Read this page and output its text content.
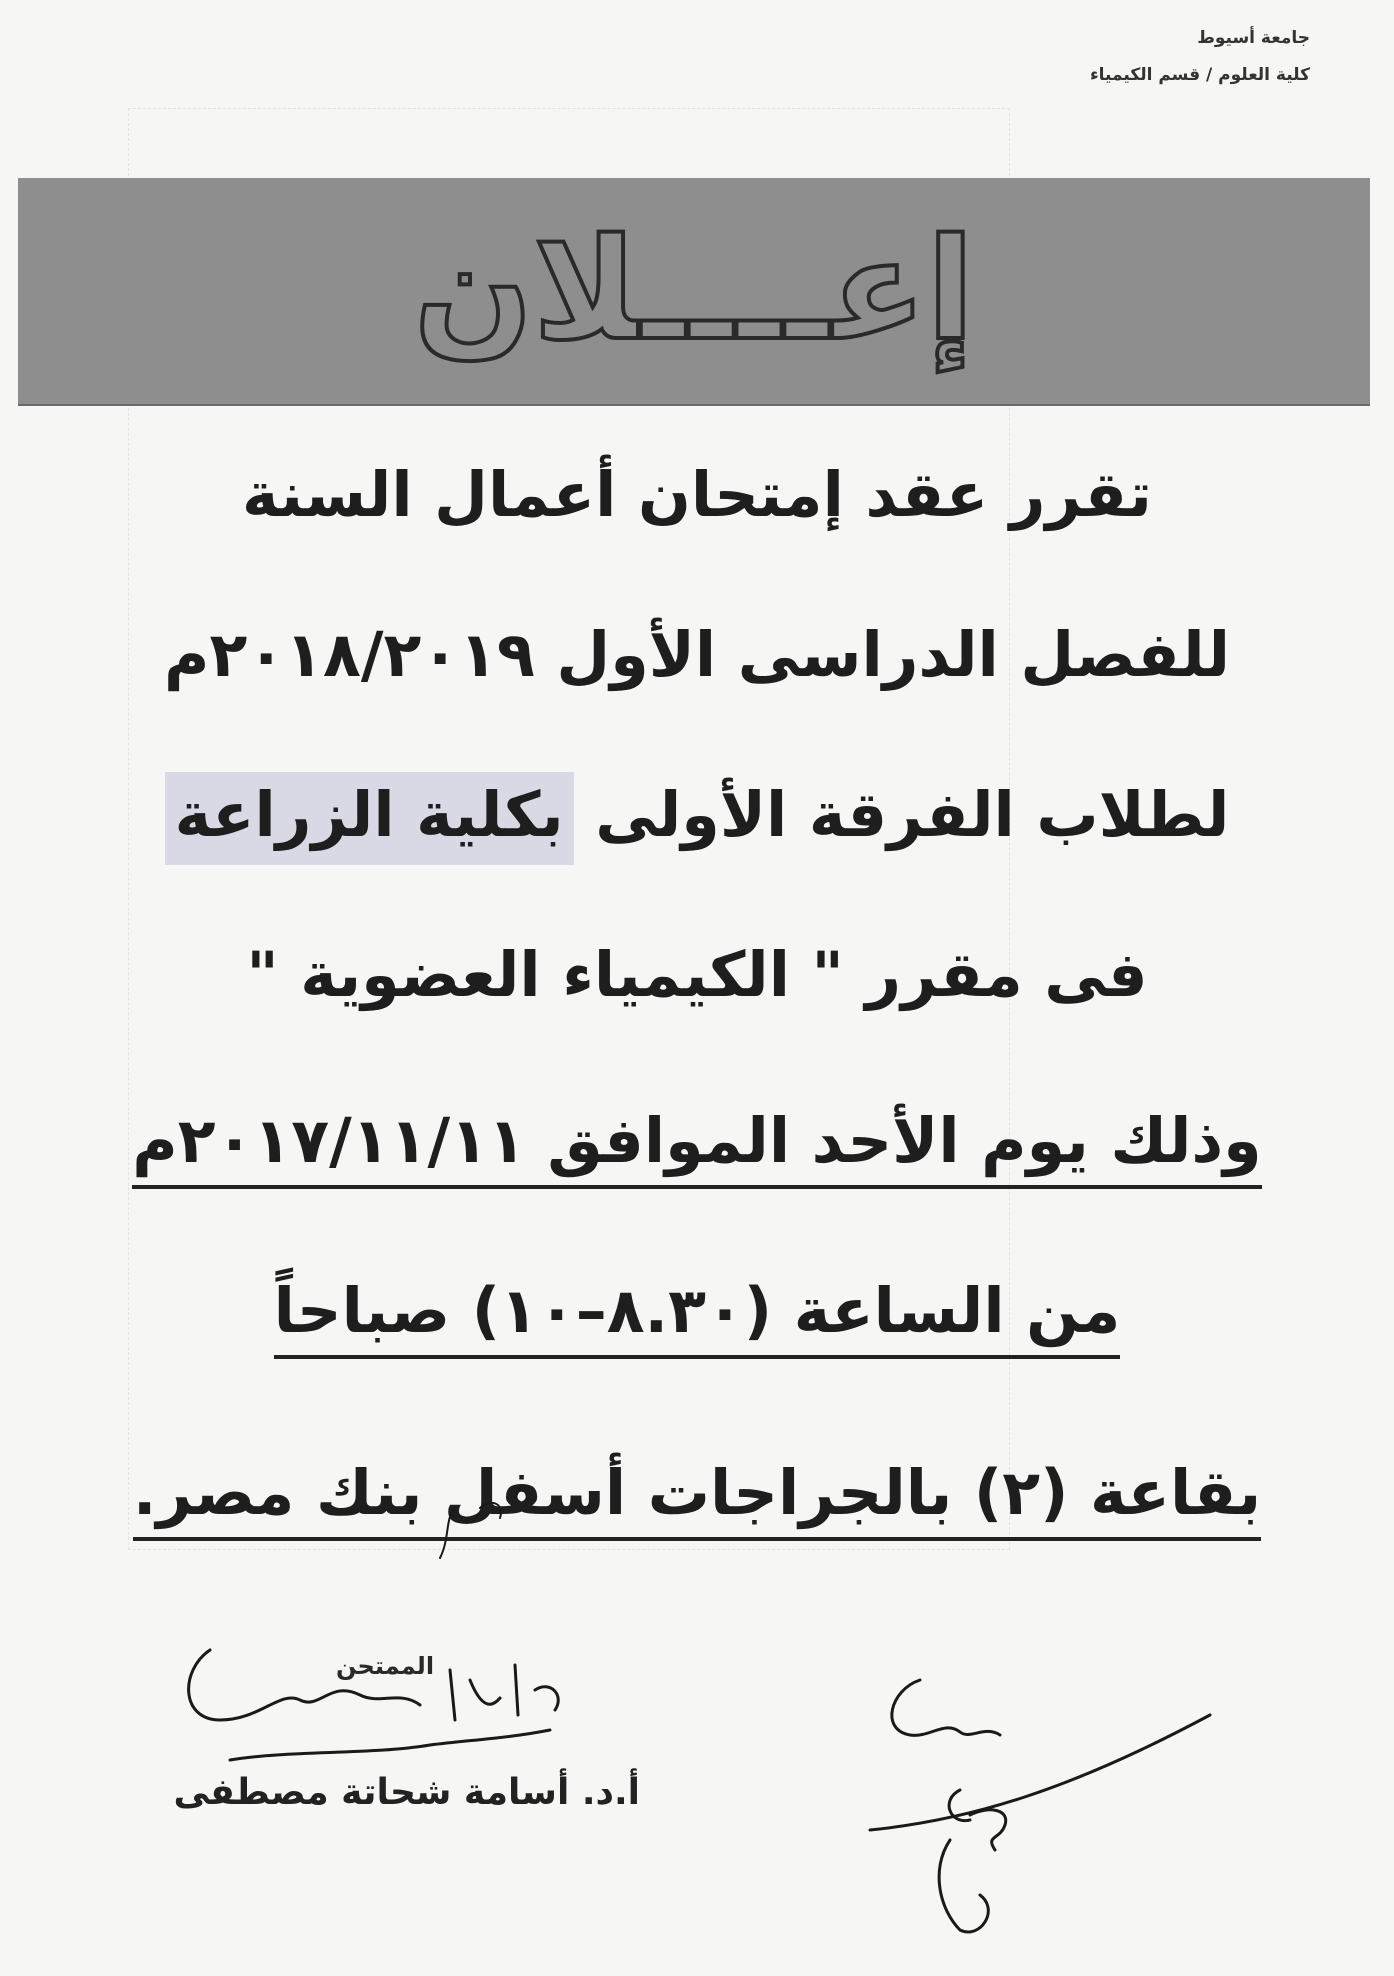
جامعة أسيوط
كلية العلوم / قسم الكيمياء
إعــــلان
تقرر عقد إمتحان أعمال السنة
للفصل الدراسى الأول ٢٠١٨/٢٠١٩م
لطلاب الفرقة الأولى بكلية الزراعة
فى مقرر " الكيمياء العضوية "
وذلك يوم الأحد الموافق ٢٠١٧/١١/١١م
من الساعة (٨.٣٠–١٠) صباحاً
بقاعة (٢) بالجراجات أسفل بنك مصر.
الممتحن
أ.د. أسامة شحاتة مصطفى
